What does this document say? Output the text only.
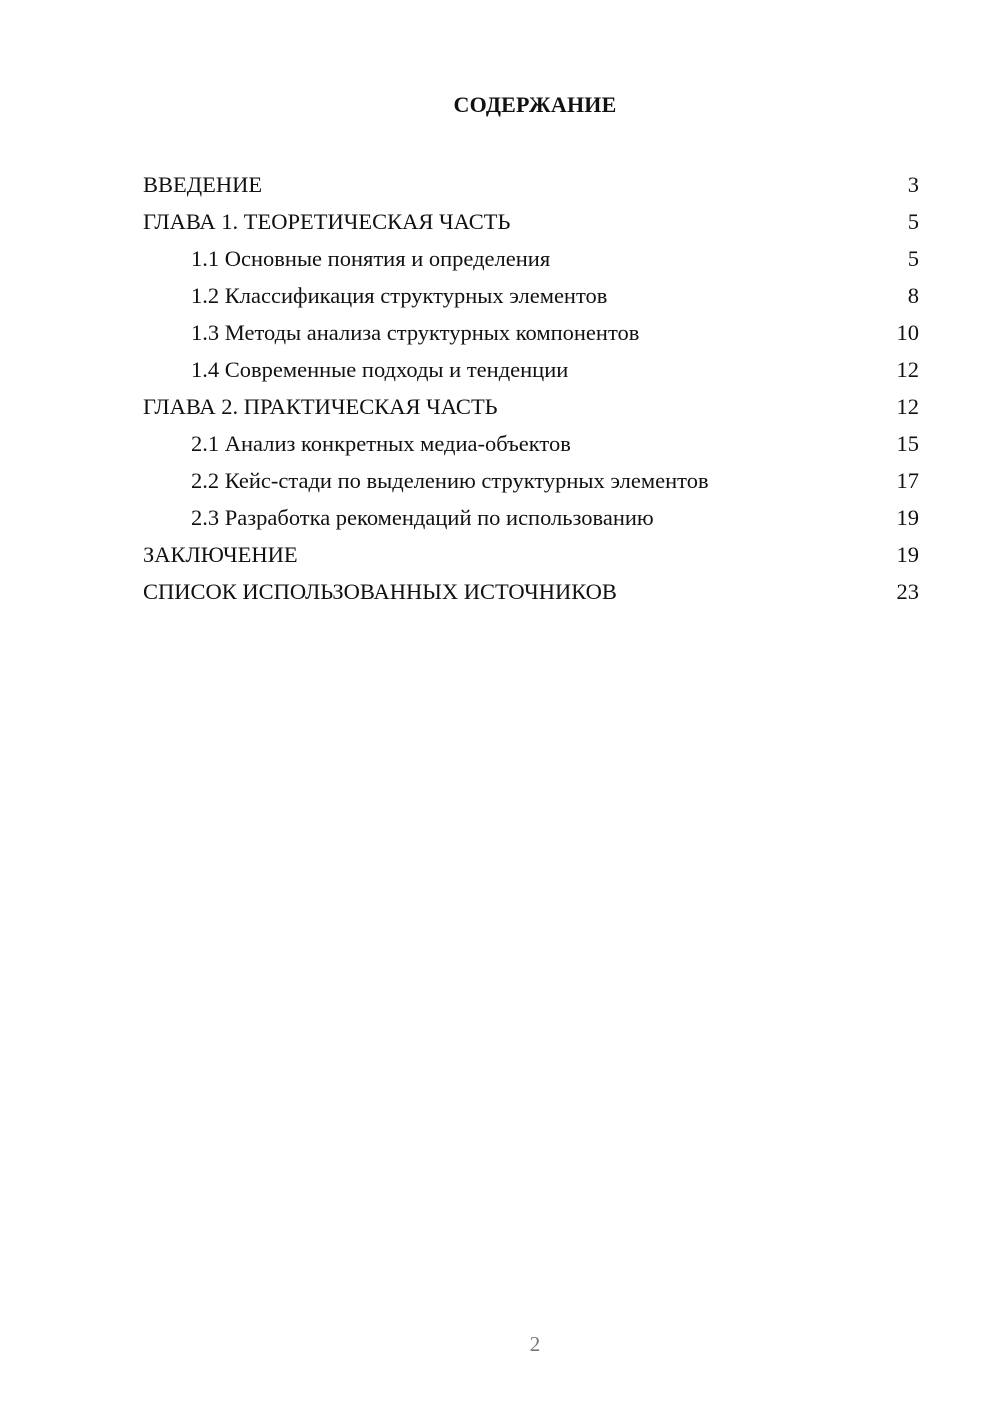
СОДЕРЖАНИЕ
ВВЕДЕНИЕ	3
ГЛАВА 1. ТЕОРЕТИЧЕСКАЯ ЧАСТЬ	5
1.1 Основные понятия и определения	5
1.2 Классификация структурных элементов	8
1.3 Методы анализа структурных компонентов	10
1.4 Современные подходы и тенденции	12
ГЛАВА 2. ПРАКТИЧЕСКАЯ ЧАСТЬ	12
2.1 Анализ конкретных медиа-объектов	15
2.2 Кейс-стади по выделению структурных элементов	17
2.3 Разработка рекомендаций по использованию	19
ЗАКЛЮЧЕНИЕ	19
СПИСОК ИСПОЛЬЗОВАННЫХ ИСТОЧНИКОВ	23
2
